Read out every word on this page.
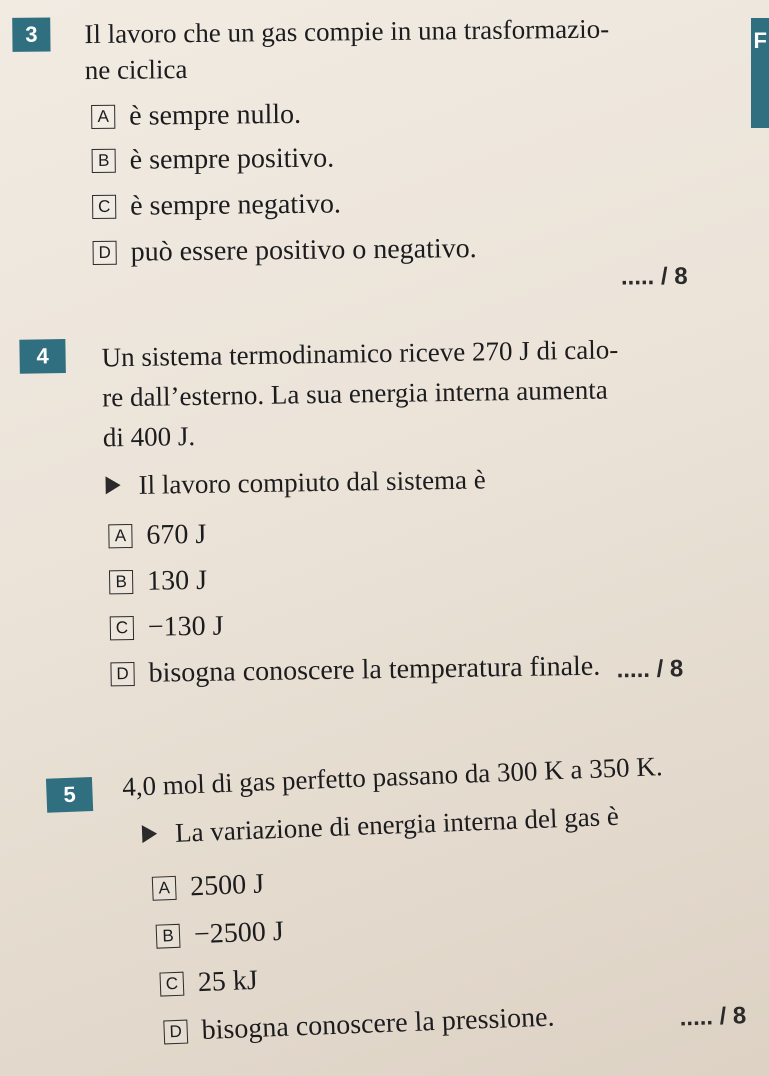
F
3	Il lavoro che un gas compie in una trasformazio-
ne ciclica
A è sempre nullo.
B è sempre positivo.
C è sempre negativo.
D può essere positivo o negativo.
..... / 8
4	Un sistema termodinamico riceve 270 J di calo-
re dall’esterno. La sua energia interna aumenta
di 400 J.
Il lavoro compiuto dal sistema è
A 670 J
B 130 J
C −130 J
D bisogna conoscere la temperatura finale. ..... / 8
5	4,0 mol di gas perfetto passano da 300 K a 350 K.
La variazione di energia interna del gas è
A 2500 J
B −2500 J
C 25 kJ
D bisogna conoscere la pressione.	..... / 8
